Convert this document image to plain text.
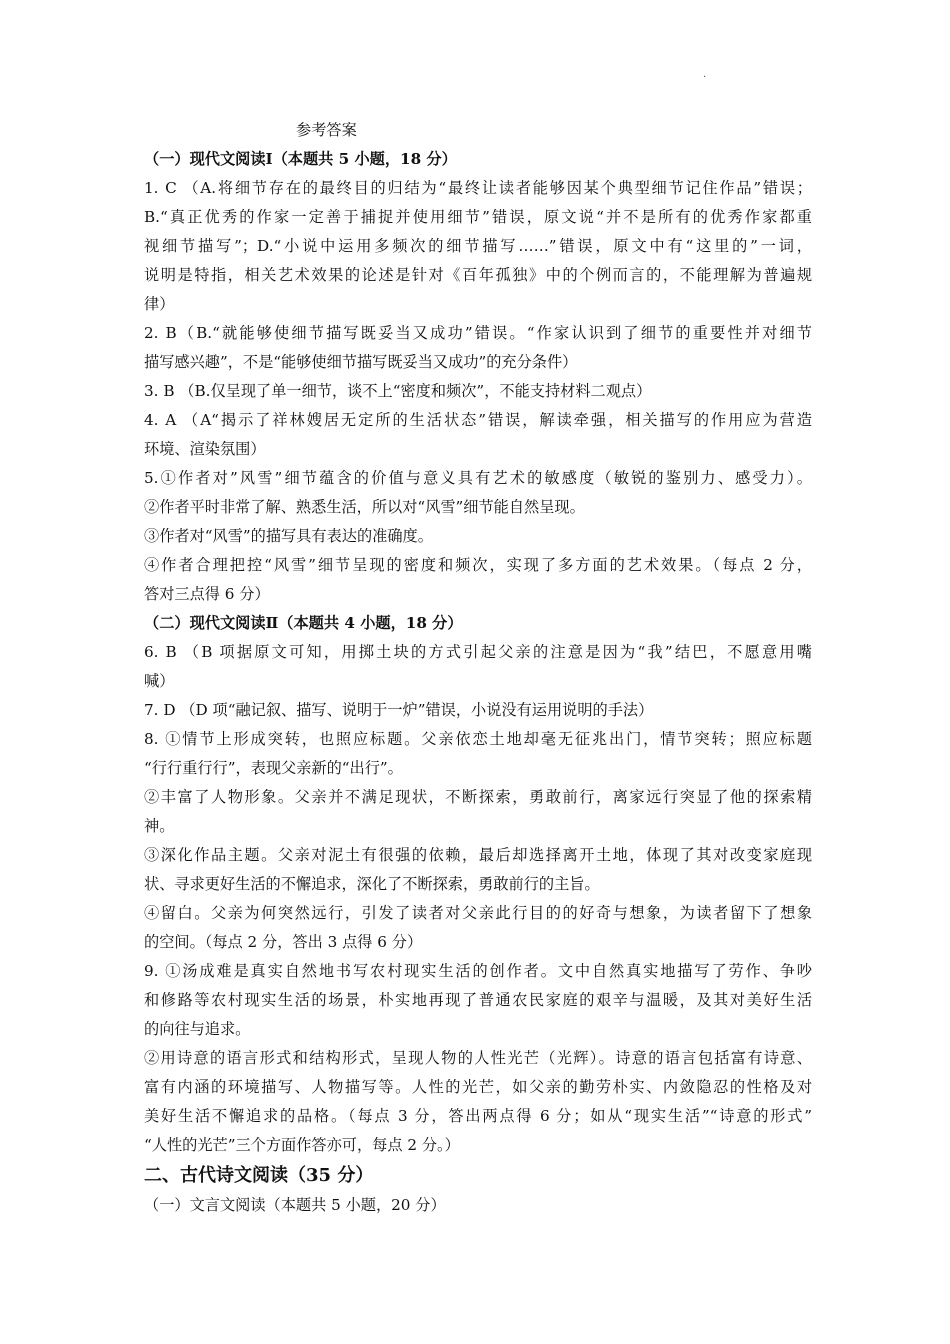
·
参考答案
（一）现代文阅读Ⅰ（本题共 5 小题，18 分）
1. C （A.将细节存在的最终目的归结为“最终让读者能够因某个典型细节记住作品”错误；
B.“真正优秀的作家一定善于捕捉并使用细节”错误，原文说“并不是所有的优秀作家都重
视细节描写”；D.“小说中运用多频次的细节描写……”错误，原文中有“这里的”一词，
说明是特指，相关艺术效果的论述是针对《百年孤独》中的个例而言的，不能理解为普遍规
律）
2. B（B.“就能够使细节描写既妥当又成功”错误。“作家认识到了细节的重要性并对细节
描写感兴趣”，不是“能够使细节描写既妥当又成功”的充分条件）
3. B （B.仅呈现了单一细节，谈不上“密度和频次”，不能支持材料二观点）
4. A （A“揭示了祥林嫂居无定所的生活状态”错误，解读牵强，相关描写的作用应为营造
环境、渲染氛围）
5.①作者对”风雪”细节蕴含的价值与意义具有艺术的敏感度（敏锐的鉴别力、感受力）。
②作者平时非常了解、熟悉生活，所以对“风雪”细节能自然呈现。
③作者对“风雪”的描写具有表达的准确度。
④作者合理把控“风雪”细节呈现的密度和频次，实现了多方面的艺术效果。（每点 2 分，
答对三点得 6 分）
（二）现代文阅读Ⅱ（本题共 4 小题，18 分）
6. B （B 项据原文可知，用掷土块的方式引起父亲的注意是因为“我”结巴，不愿意用嘴
喊）
7. D （D 项“融记叙、描写、说明于一炉”错误，小说没有运用说明的手法）
8. ①情节上形成突转，也照应标题。父亲依恋土地却毫无征兆出门，情节突转；照应标题
“行行重行行”，表现父亲新的“出行”。
②丰富了人物形象。父亲并不满足现状，不断探索，勇敢前行，离家远行突显了他的探索精
神。
③深化作品主题。父亲对泥土有很强的依赖，最后却选择离开土地，体现了其对改变家庭现
状、寻求更好生活的不懈追求，深化了不断探索，勇敢前行的主旨。
④留白。父亲为何突然远行，引发了读者对父亲此行目的的好奇与想象，为读者留下了想象
的空间。（每点 2 分，答出 3 点得 6 分）
9. ①汤成难是真实自然地书写农村现实生活的创作者。文中自然真实地描写了劳作、争吵
和修路等农村现实生活的场景，朴实地再现了普通农民家庭的艰辛与温暖，及其对美好生活
的向往与追求。
②用诗意的语言形式和结构形式，呈现人物的人性光芒（光辉）。诗意的语言包括富有诗意、
富有内涵的环境描写、人物描写等。人性的光芒，如父亲的勤劳朴实、内敛隐忍的性格及对
美好生活不懈追求的品格。（每点 3 分，答出两点得 6 分；如从“现实生活”“诗意的形式”
“人性的光芒”三个方面作答亦可，每点 2 分。）
二、古代诗文阅读（35 分）
（一）文言文阅读（本题共 5 小题，20 分）
